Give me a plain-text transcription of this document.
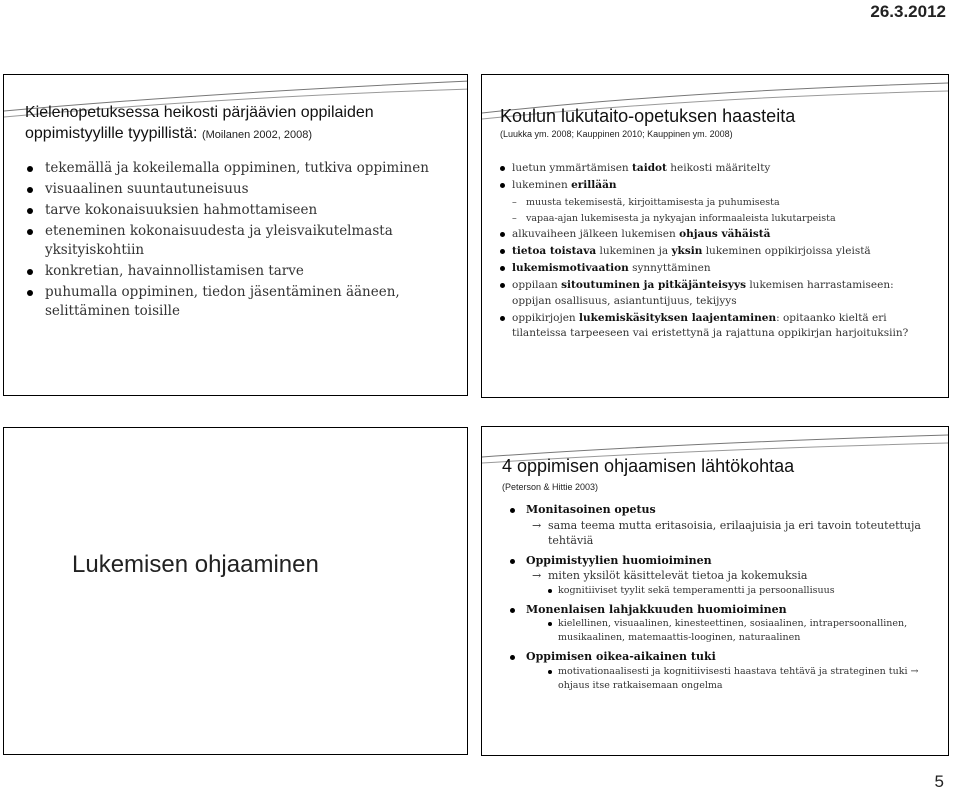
26.3.2012
Kielenopetuksessa heikosti pärjäävien oppilaiden oppimistyylille tyypillistä: (Moilanen 2002, 2008)
tekemällä ja kokeilemalla oppiminen, tutkiva oppiminen
visuaalinen suuntautuneisuus
tarve kokonaisuuksien hahmottamiseen
eteneminen kokonaisuudesta ja yleisvaikutelmasta yksityiskohtiin
konkretian, havainnollistamisen tarve
puhumalla oppiminen, tiedon jäsentäminen ääneen, selittäminen toisille
Koulun lukutaito-opetuksen haasteita
(Luukka ym. 2008; Kauppinen 2010; Kauppinen ym. 2008)
luetun ymmärtämisen taidot heikosti määritelty
lukeminen erillään
– muusta tekemisestä, kirjoittamisesta ja puhumisesta
– vapaa-ajan lukemisesta ja nykyajan informaaleista lukutarpeista
alkuvaiheen jälkeen lukemisen ohjaus vähäistä
tietoa toistava lukeminen ja yksin lukeminen oppikirjoissa yleistä
lukemismotivaation synnyttäminen
oppilaan sitoutuminen ja pitkäjänteisyys lukemisen harrastamiseen: oppijan osallisuus, asiantuntijuus, tekijyys
oppikirjojen lukemiskäsityksen laajentaminen: opitaanko kieltä eri tilanteissa tarpeeseen vai eristettynä ja rajattuna oppikirjan harjoituksiin?
Lukemisen ohjaaminen
4 oppimisen ohjaamisen lähtökohtaa
(Peterson & Hittie 2003)
Monitasoinen opetus
→ sama teema mutta eritasoisia, erilaajuisia ja eri tavoin toteutettuja tehtäviä
Oppimistyylien huomioiminen
→ miten yksilöt käsittelevät tietoa ja kokemuksia
kognitiiviset tyylit sekä temperamentti ja persoonallisuus
Monenlaisen lahjakkuuden huomioiminen
kielellinen, visuaalinen, kinesteettinen, sosiaalinen, intrapersoonallinen, musikaalinen, matemaattis-looginen, naturaalinen
Oppimisen oikea-aikainen tuki
motivationaalisesti ja kognitiivisesti haastava tehtävä ja strateginen tuki → ohjaus itse ratkaisemaan ongelma
5
